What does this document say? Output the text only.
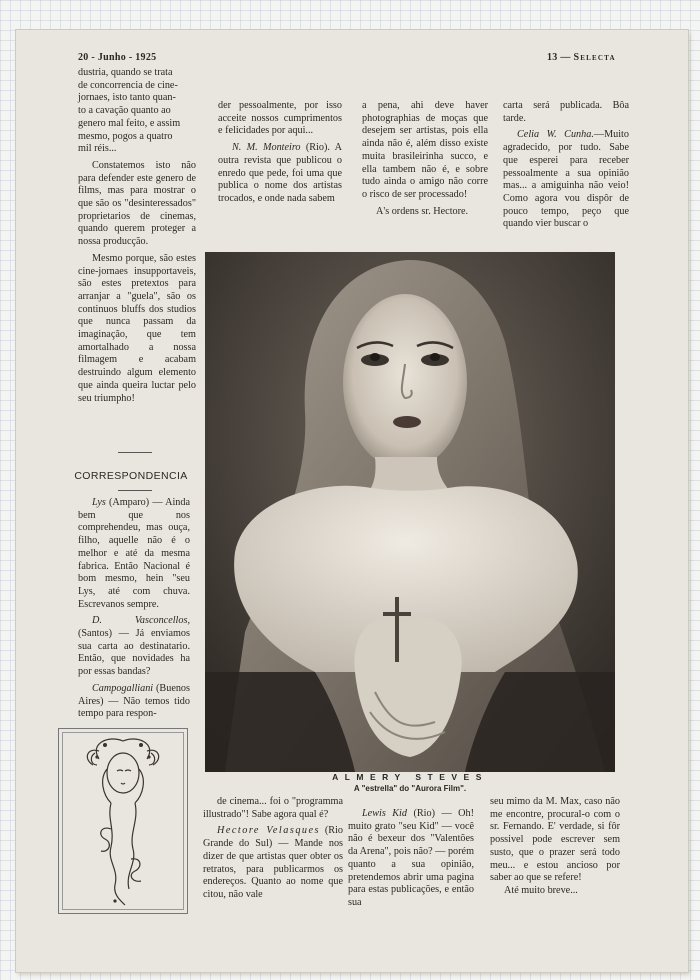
20 - Junho - 1925	13 — Selecta

dustria, quando se trata

de concorrencia de cine-

jornaes, isto tanto quan-

to a cavação quanto ao

genero mal feito, e assim

mesmo, pogos a quatro

mil réis...

Constatemos isto não para defender este genero de films, mas para mostrar o que são os "desinteressados" proprietarios de cinemas, quando querem proteger a nossa producção.

Mesmo porque, são estes cine-jornaes insupportaveis, são estes pretextos para arranjar a "guela", são os continuos bluffs dos studios que nunca passam da imaginação, que tem amortalhado a nossa filmagem e acabam destruindo algum elemento que ainda queira luctar pelo seu triumpho!

CORRESPONDENCIA

Lys (Amparo) — Ainda bem que nos comprehendeu, mas ouça, filho, aquelle não é o melhor e até da mesma fabrica. Então Nacional é bom mesmo, hein "seu Lys, até com chuva. Escrevanos sempre.

D. Vasconcellos, (Santos) — Já enviamos sua carta ao destinatario. Então, que novidades ha por essas bandas?

Campogalliani (Buenos Aires) — Não temos tido tempo para respon-

der pessoalmente, por isso acceite nossos cumprimentos e felicidades por aqui...

N. M. Monteiro (Rio). A outra revista que publicou o enredo que pede, foi uma que publica o nome dos artistas trocados, e onde nada sabem

a pena, ahi deve haver photographias de moças que desejem ser artistas, pois ella ainda não é, além disso existe muita brasileirinha succo, e ella tambem não é, e sobre tudo ainda o amigo não corre o risco de ser processado!

A's ordens sr. Hectore.

carta será publicada. Bôa tarde.

Celia W. Cunha.—Muito agradecido, por tudo. Sabe que esperei para receber pessoalmente a sua opinião mas... a amiguinha não veio! Como agora vou dispôr de pouco tempo, peço que quando vier buscar o

ALMERY STEVES
A "estrella" do "Aurora Film".

de cinema... foi o "programma illustrado"! Sabe agora qual é?

Hectore Velasques (Rio Grande do Sul) — Mande nos dizer de que artistas quer obter os retratos, para publicarmos os endereços. Quanto ao nome que citou, não vale

Lewis Kid (Rio) — Oh! muito grato "seu Kid" — você não é bexeur dos "Valentões da Arena", pois não? — porém quanto a sua opinião, pretendemos abrir uma pagina para estas publicações, e então sua

seu mimo da M. Max, caso não me encontre, procural-o com o sr. Fernando. E' verdade, si fôr possivel pode escrever sem susto, que o prazer será todo meu... e estou ancioso por saber ao que se refere!

Até muito breve...
